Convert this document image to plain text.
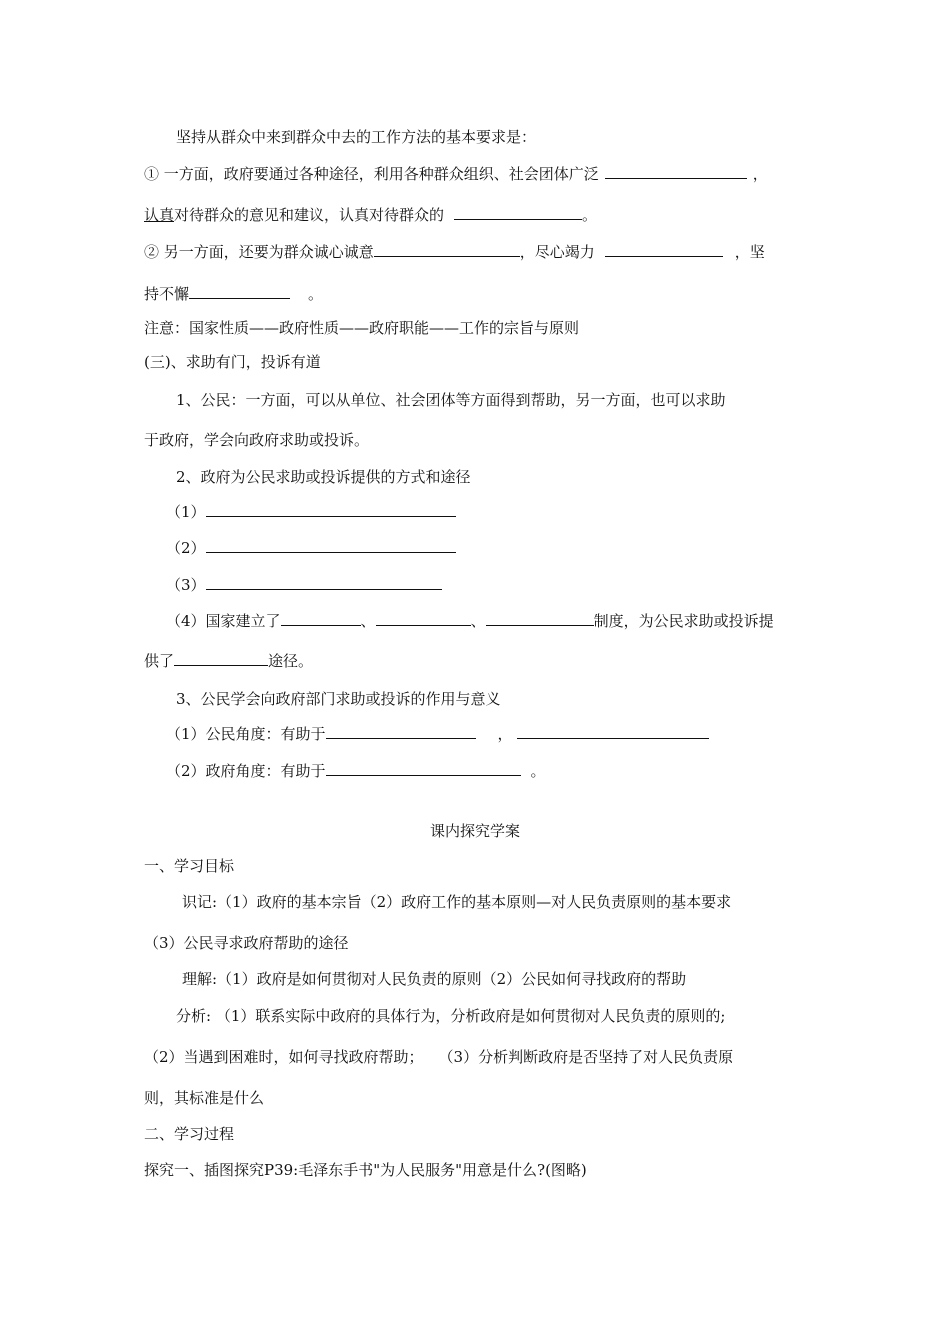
坚持从群众中来到群众中去的工作方法的基本要求是：
① 一方面，政府要通过各种途径，利用各种群众组织、社会团体广泛	，
认真对待群众的意见和建议，认真对待群众的	。
② 另一方面，还要为群众诚心诚意	，尽心竭力	，坚
持不懈	。
注意：国家性质——政府性质——政府职能——工作的宗旨与原则
(三)、求助有门，投诉有道
1、公民：一方面，可以从单位、社会团体等方面得到帮助，另一方面，也可以求助
于政府，学会向政府求助或投诉。
2、政府为公民求助或投诉提供的方式和途径
（1）
（2）
（3）
（4）国家建立了	、	、	制度，为公民求助或投诉提
供了	途径。
3、公民学会向政府部门求助或投诉的作用与意义
（1）公民角度：有助于	，
（2）政府角度：有助于	。
课内探究学案
一、学习目标
识记:（1）政府的基本宗旨（2）政府工作的基本原则—对人民负责原则的基本要求
（3）公民寻求政府帮助的途径
理解:（1）政府是如何贯彻对人民负责的原则（2）公民如何寻找政府的帮助
分析: （1）联系实际中政府的具体行为，分析政府是如何贯彻对人民负责的原则的;
（2）当遇到困难时，如何寻找政府帮助；　　（3）分析判断政府是否坚持了对人民负责原
则，其标准是什么
二、学习过程
探究一、插图探究P39:毛泽东手书"为人民服务"用意是什么?(图略)
